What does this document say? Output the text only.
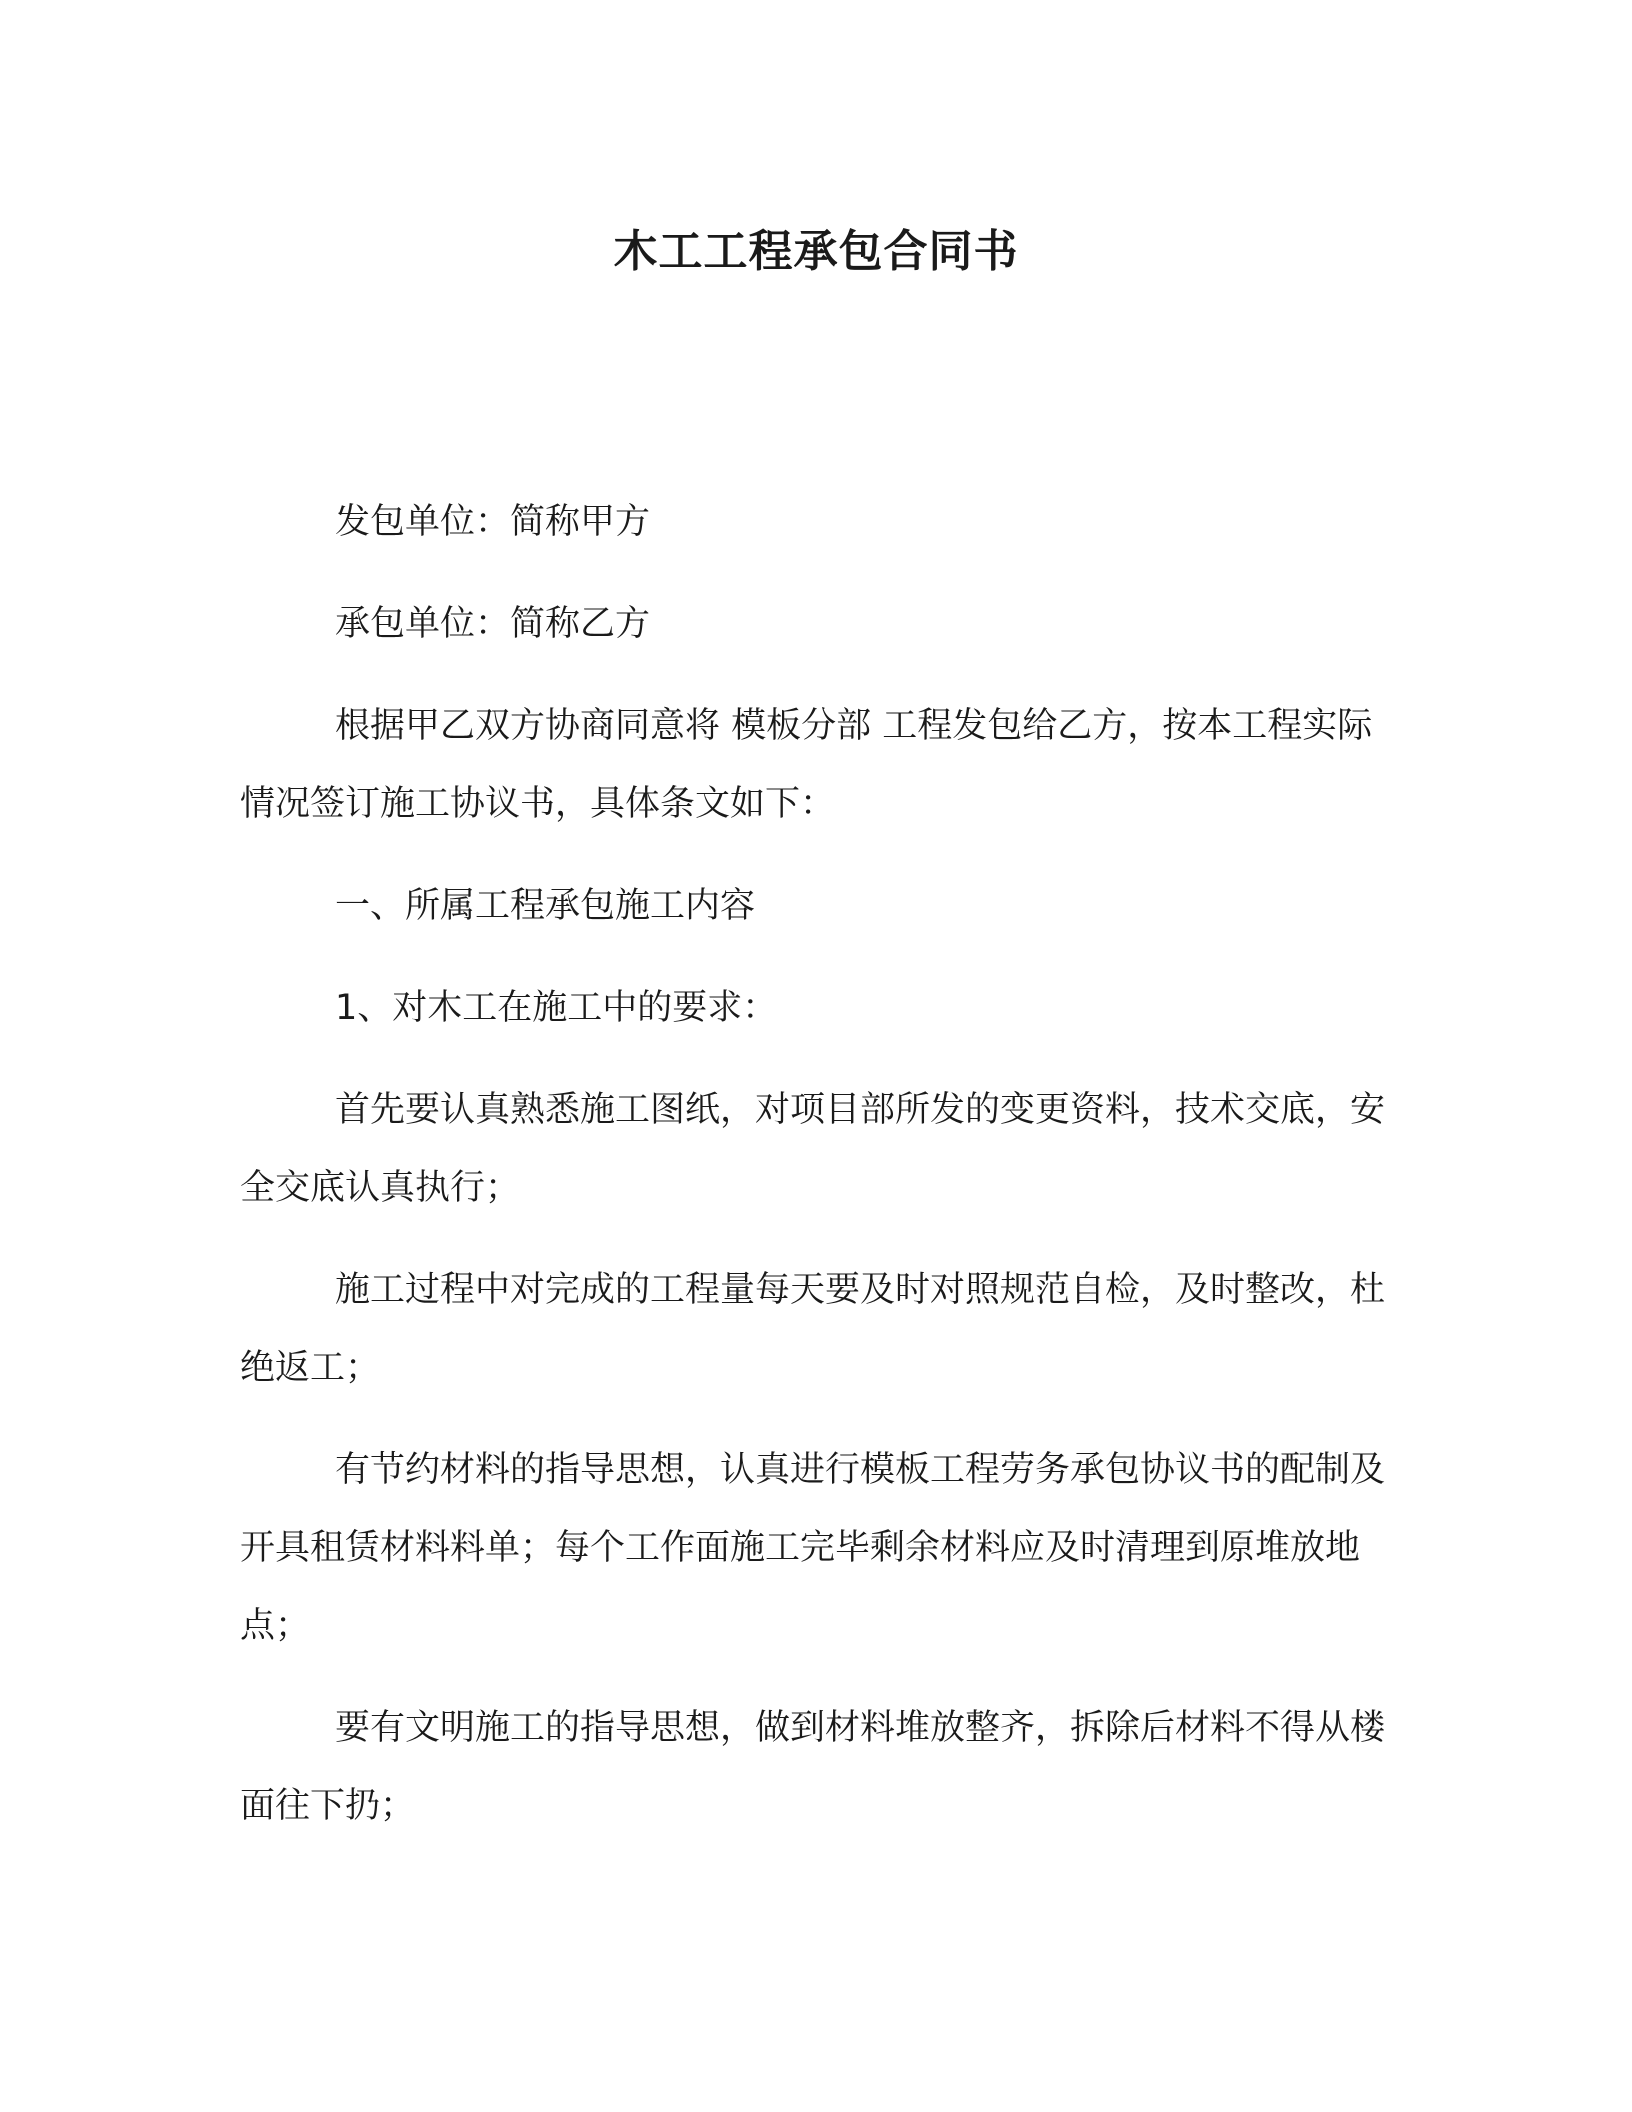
木工工程承包合同书

发包单位：简称甲方

承包单位：简称乙方

根据甲乙双方协商同意将 模板分部 工程发包给乙方，按本工程实际情况签订施工协议书，具体条文如下：

一、所属工程承包施工内容

1、对木工在施工中的要求：

首先要认真熟悉施工图纸，对项目部所发的变更资料，技术交底，安全交底认真执行；

施工过程中对完成的工程量每天要及时对照规范自检，及时整改，杜绝返工；

有节约材料的指导思想，认真进行模板工程劳务承包协议书的配制及开具租赁材料料单；每个工作面施工完毕剩余材料应及时清理到原堆放地点；

要有文明施工的指导思想，做到材料堆放整齐，拆除后材料不得从楼面往下扔；
